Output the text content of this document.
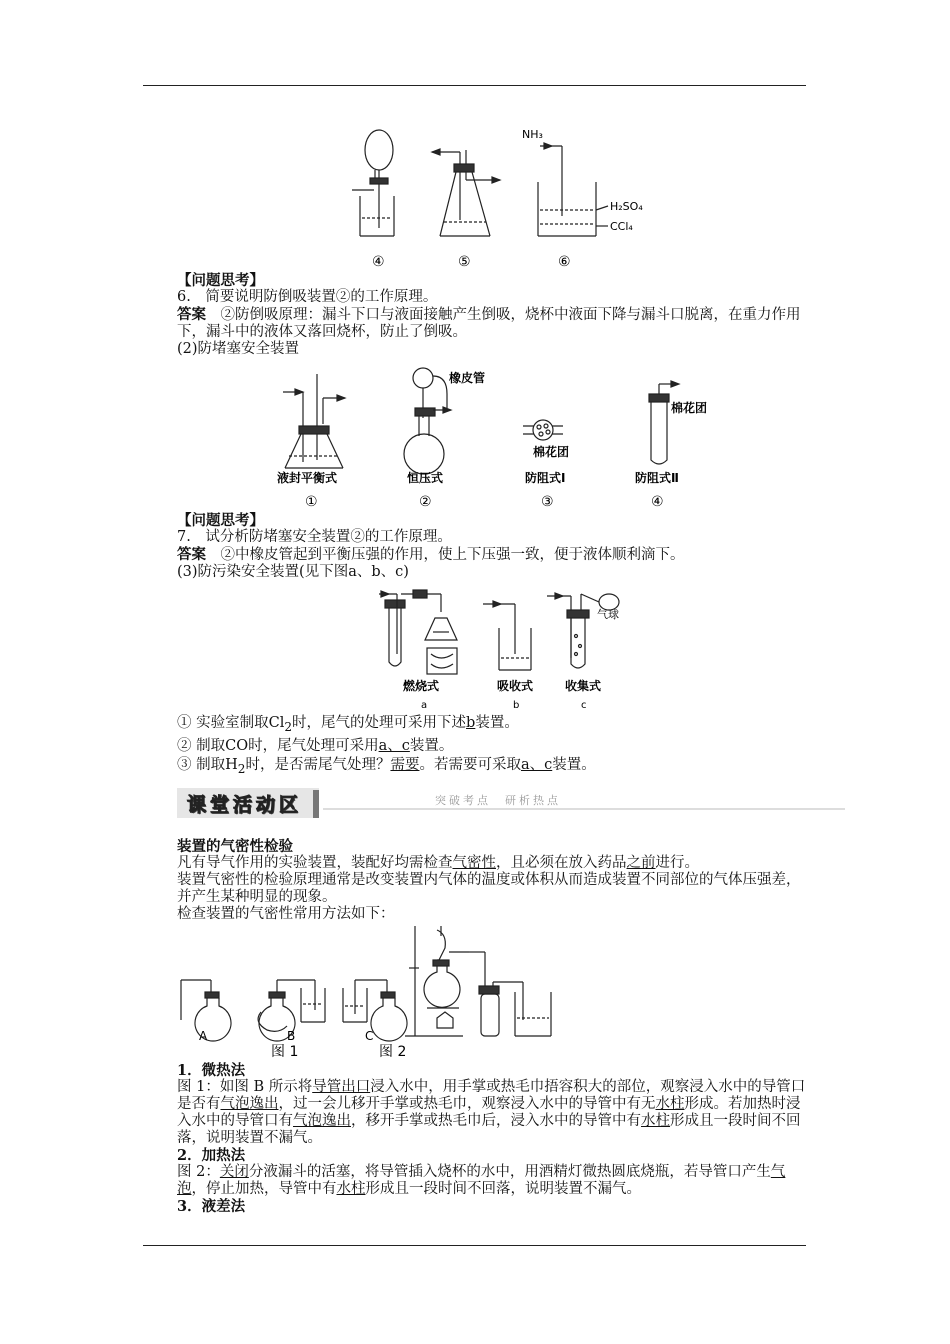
NH₃
H₂SO₄
CCl₄
④	⑤	⑥
【问题思考】
6.　简要说明防倒吸装置②的工作原理。
答案　②防倒吸原理：漏斗下口与液面接触产生倒吸，烧杯中液面下降与漏斗口脱离，在重力作用下，漏斗中的液体又落回烧杯，防止了倒吸。
(2)防堵塞安全装置
橡皮管
棉花团
棉花团
液封平衡式	恒压式	防阻式Ⅰ	防阻式Ⅱ
①	②	③	④
【问题思考】
7.　试分析防堵塞安全装置②的工作原理。
答案　②中橡皮管起到平衡压强的作用，使上下压强一致，便于液体顺利滴下。
(3)防污染安全装置(见下图a、b、c)
气球
燃烧式	吸收式	收集式
a	b	c
① 实验室制取$Cl_2$时，尾气的处理可采用下述b装置。
② 制取CO时，尾气处理可采用a、c装置。
③ 制取$H_2$时，是否需尾气处理？需要。若需要可采取a、c装置。
课堂活动区	突破考点　研析热点
装置的气密性检验
凡有导气作用的实验装置，装配好均需检查气密性，且必须在放入药品之前进行。
装置气密性的检验原理通常是改变装置内气体的温度或体积从而造成装置不同部位的气体压强差，并产生某种明显的现象。
检查装置的气密性常用方法如下：
A	B	C
图 1	图 2
1．微热法
图 1：如图 B 所示将导管出口浸入水中，用手掌或热毛巾捂容积大的部位，观察浸入水中的导管口是否有气泡逸出，过一会儿移开手掌或热毛巾，观察浸入水中的导管中有无水柱形成。若加热时浸入水中的导管口有气泡逸出，移开手掌或热毛巾后，浸入水中的导管中有水柱形成且一段时间不回落，说明装置不漏气。
2．加热法
图 2：关闭分液漏斗的活塞，将导管插入烧杯的水中，用酒精灯微热圆底烧瓶，若导管口产生气泡，停止加热，导管中有水柱形成且一段时间不回落，说明装置不漏气。
3．液差法
